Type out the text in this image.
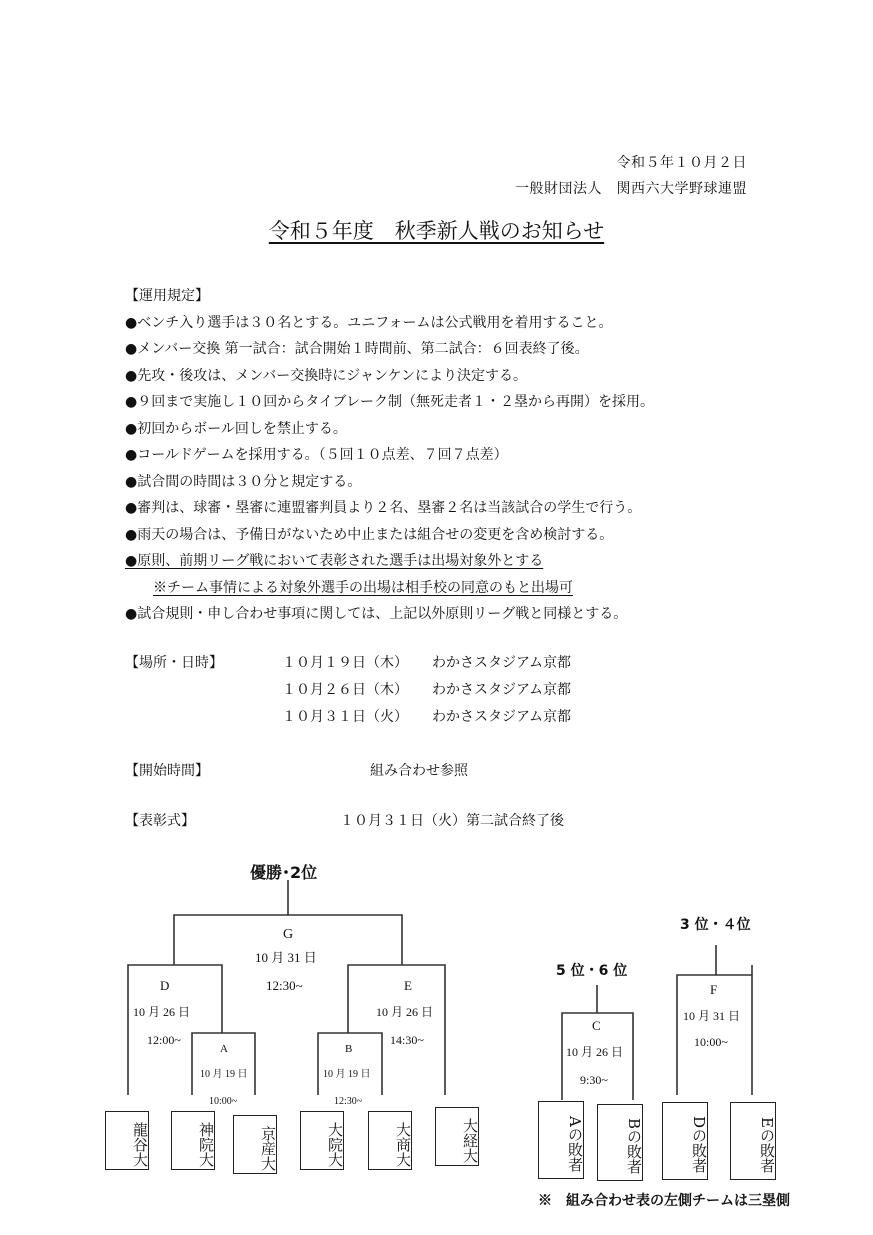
令和５年１０月２日
一般財団法人　関西六大学野球連盟
令和５年度　秋季新人戦のお知らせ
【運用規定】
●ベンチ入り選手は３０名とする。ユニフォームは公式戦用を着用すること。
●メンバー交換 第一試合：試合開始１時間前、第二試合：６回表終了後。
●先攻・後攻は、メンバー交換時にジャンケンにより決定する。
●９回まで実施し１０回からタイブレーク制（無死走者１・２塁から再開）を採用。
●初回からボール回しを禁止する。
●コールドゲームを採用する。（５回１０点差、７回７点差）
●試合間の時間は３０分と規定する。
●審判は、球審・塁審に連盟審判員より２名、塁審２名は当該試合の学生で行う。
●雨天の場合は、予備日がないため中止または組合せの変更を含め検討する。
●原則、前期リーグ戦において表彰された選手は出場対象外とする
※チーム事情による対象外選手の出場は相手校の同意のもと出場可
●試合規則・申し合わせ事項に関しては、上記以外原則リーグ戦と同様とする。
【場所・日時】	１０月１９日（木） わかさスタジアム京都
１０月２６日（木） わかさスタジアム京都
１０月３１日（火） わかさスタジアム京都
【開始時間】	組み合わせ参照
【表彰式】	１０月３１日（火）第二試合終了後
優勝･2位
G
10 月 31 日
12:30~
D
10 月 26 日
12:00~
E
10 月 26 日
14:30~
A
10 月 19 日
10:00~
B
10 月 19 日
12:30~
5 位・6 位
C
10 月 26 日
9:30~
3 位・４位
F
10 月 31 日
10:00~
龍谷大	神院大	京産大	大院大	大商大	大経大	Aの敗者	Bの敗者	Dの敗者	Eの敗者
※　組み合わせ表の左側チームは三塁側
